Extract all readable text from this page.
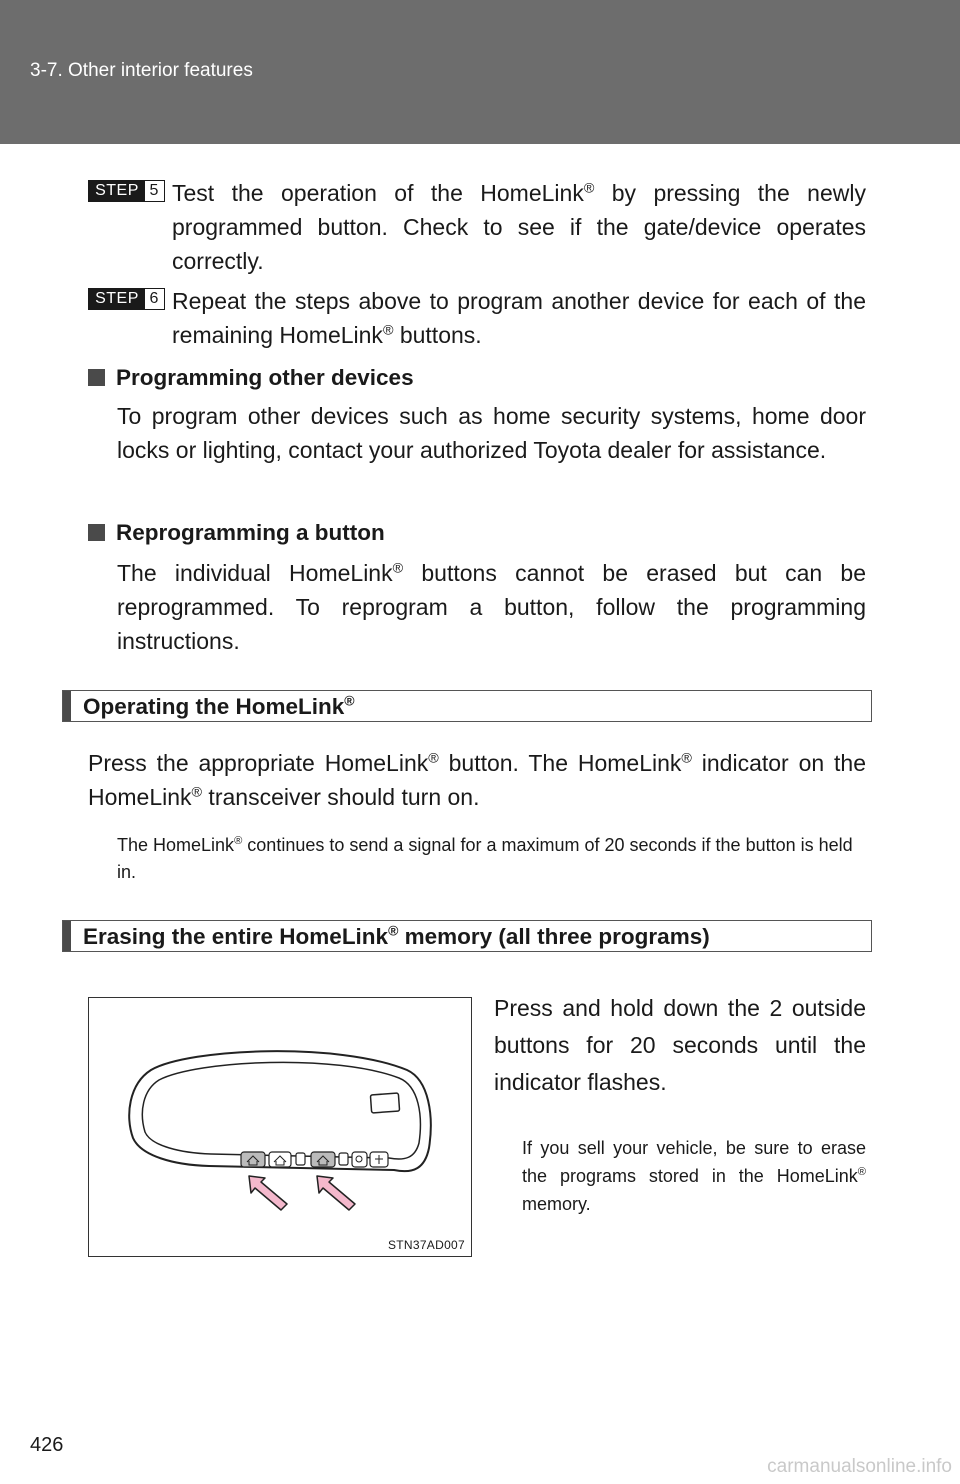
3-7. Other interior features
STEP 5 Test the operation of the HomeLink® by pressing the newly programmed button. Check to see if the gate/device operates correctly.
STEP 6 Repeat the steps above to program another device for each of the remaining HomeLink® buttons.
Programming other devices
To program other devices such as home security systems, home door locks or lighting, contact your authorized Toyota dealer for assistance.
Reprogramming a button
The individual HomeLink® buttons cannot be erased but can be reprogrammed. To reprogram a button, follow the programming instructions.
Operating the HomeLink®
Press the appropriate HomeLink® button. The HomeLink® indicator on the HomeLink® transceiver should turn on.
The HomeLink® continues to send a signal for a maximum of 20 seconds if the button is held in.
Erasing the entire HomeLink® memory (all three programs)
STN37AD007
Press and hold down the 2 outside buttons for 20 seconds until the indicator flashes.
If you sell your vehicle, be sure to erase the programs stored in the HomeLink® memory.
426
carmanualsonline.info
